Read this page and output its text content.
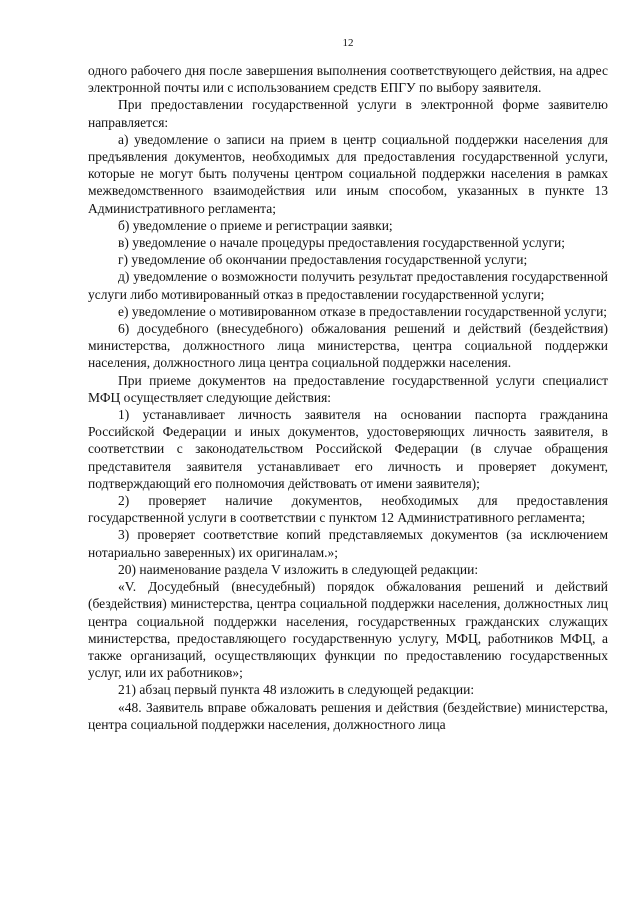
12

одного рабочего дня после завершения выполнения соответствующего действия, на адрес электронной почты или с использованием средств ЕПГУ по выбору заявителя.

При предоставлении государственной услуги в электронной форме заявителю направляется:

а) уведомление о записи на прием в центр социальной поддержки населения для предъявления документов, необходимых для предоставления государственной услуги, которые не могут быть получены центром социальной поддержки населения в рамках межведомственного взаимодействия или иным способом, указанных в пункте 13 Административного регламента;

б) уведомление о приеме и регистрации заявки;

в) уведомление о начале процедуры предоставления государственной услуги;

г) уведомление об окончании предоставления государственной услуги;

д) уведомление о возможности получить результат предоставления государственной услуги либо мотивированный отказ в предоставлении государственной услуги;

е) уведомление о мотивированном отказе в предоставлении государственной услуги;

6) досудебного (внесудебного) обжалования решений и действий (бездействия) министерства, должностного лица министерства, центра социальной поддержки населения, должностного лица центра социальной поддержки населения.

При приеме документов на предоставление государственной услуги специалист МФЦ осуществляет следующие действия:

1) устанавливает личность заявителя на основании паспорта гражданина Российской Федерации и иных документов, удостоверяющих личность заявителя, в соответствии с законодательством Российской Федерации (в случае обращения представителя заявителя устанавливает его личность и проверяет документ, подтверждающий его полномочия действовать от имени заявителя);

2) проверяет наличие документов, необходимых для предоставления государственной услуги в соответствии с пунктом 12 Административного регламента;

3) проверяет соответствие копий представляемых документов (за исключением нотариально заверенных) их оригиналам.»;

20) наименование раздела V изложить в следующей редакции:

«V. Досудебный (внесудебный) порядок обжалования решений и действий (бездействия) министерства, центра социальной поддержки населения, должностных лиц центра социальной поддержки населения, государственных гражданских служащих министерства, предоставляющего государственную услугу, МФЦ, работников МФЦ, а также организаций, осуществляющих функции по предоставлению государственных услуг, или их работников»;

21) абзац первый пункта 48 изложить в следующей редакции:

«48. Заявитель вправе обжаловать решения и действия (бездействие) министерства, центра социальной поддержки населения, должностного лица
